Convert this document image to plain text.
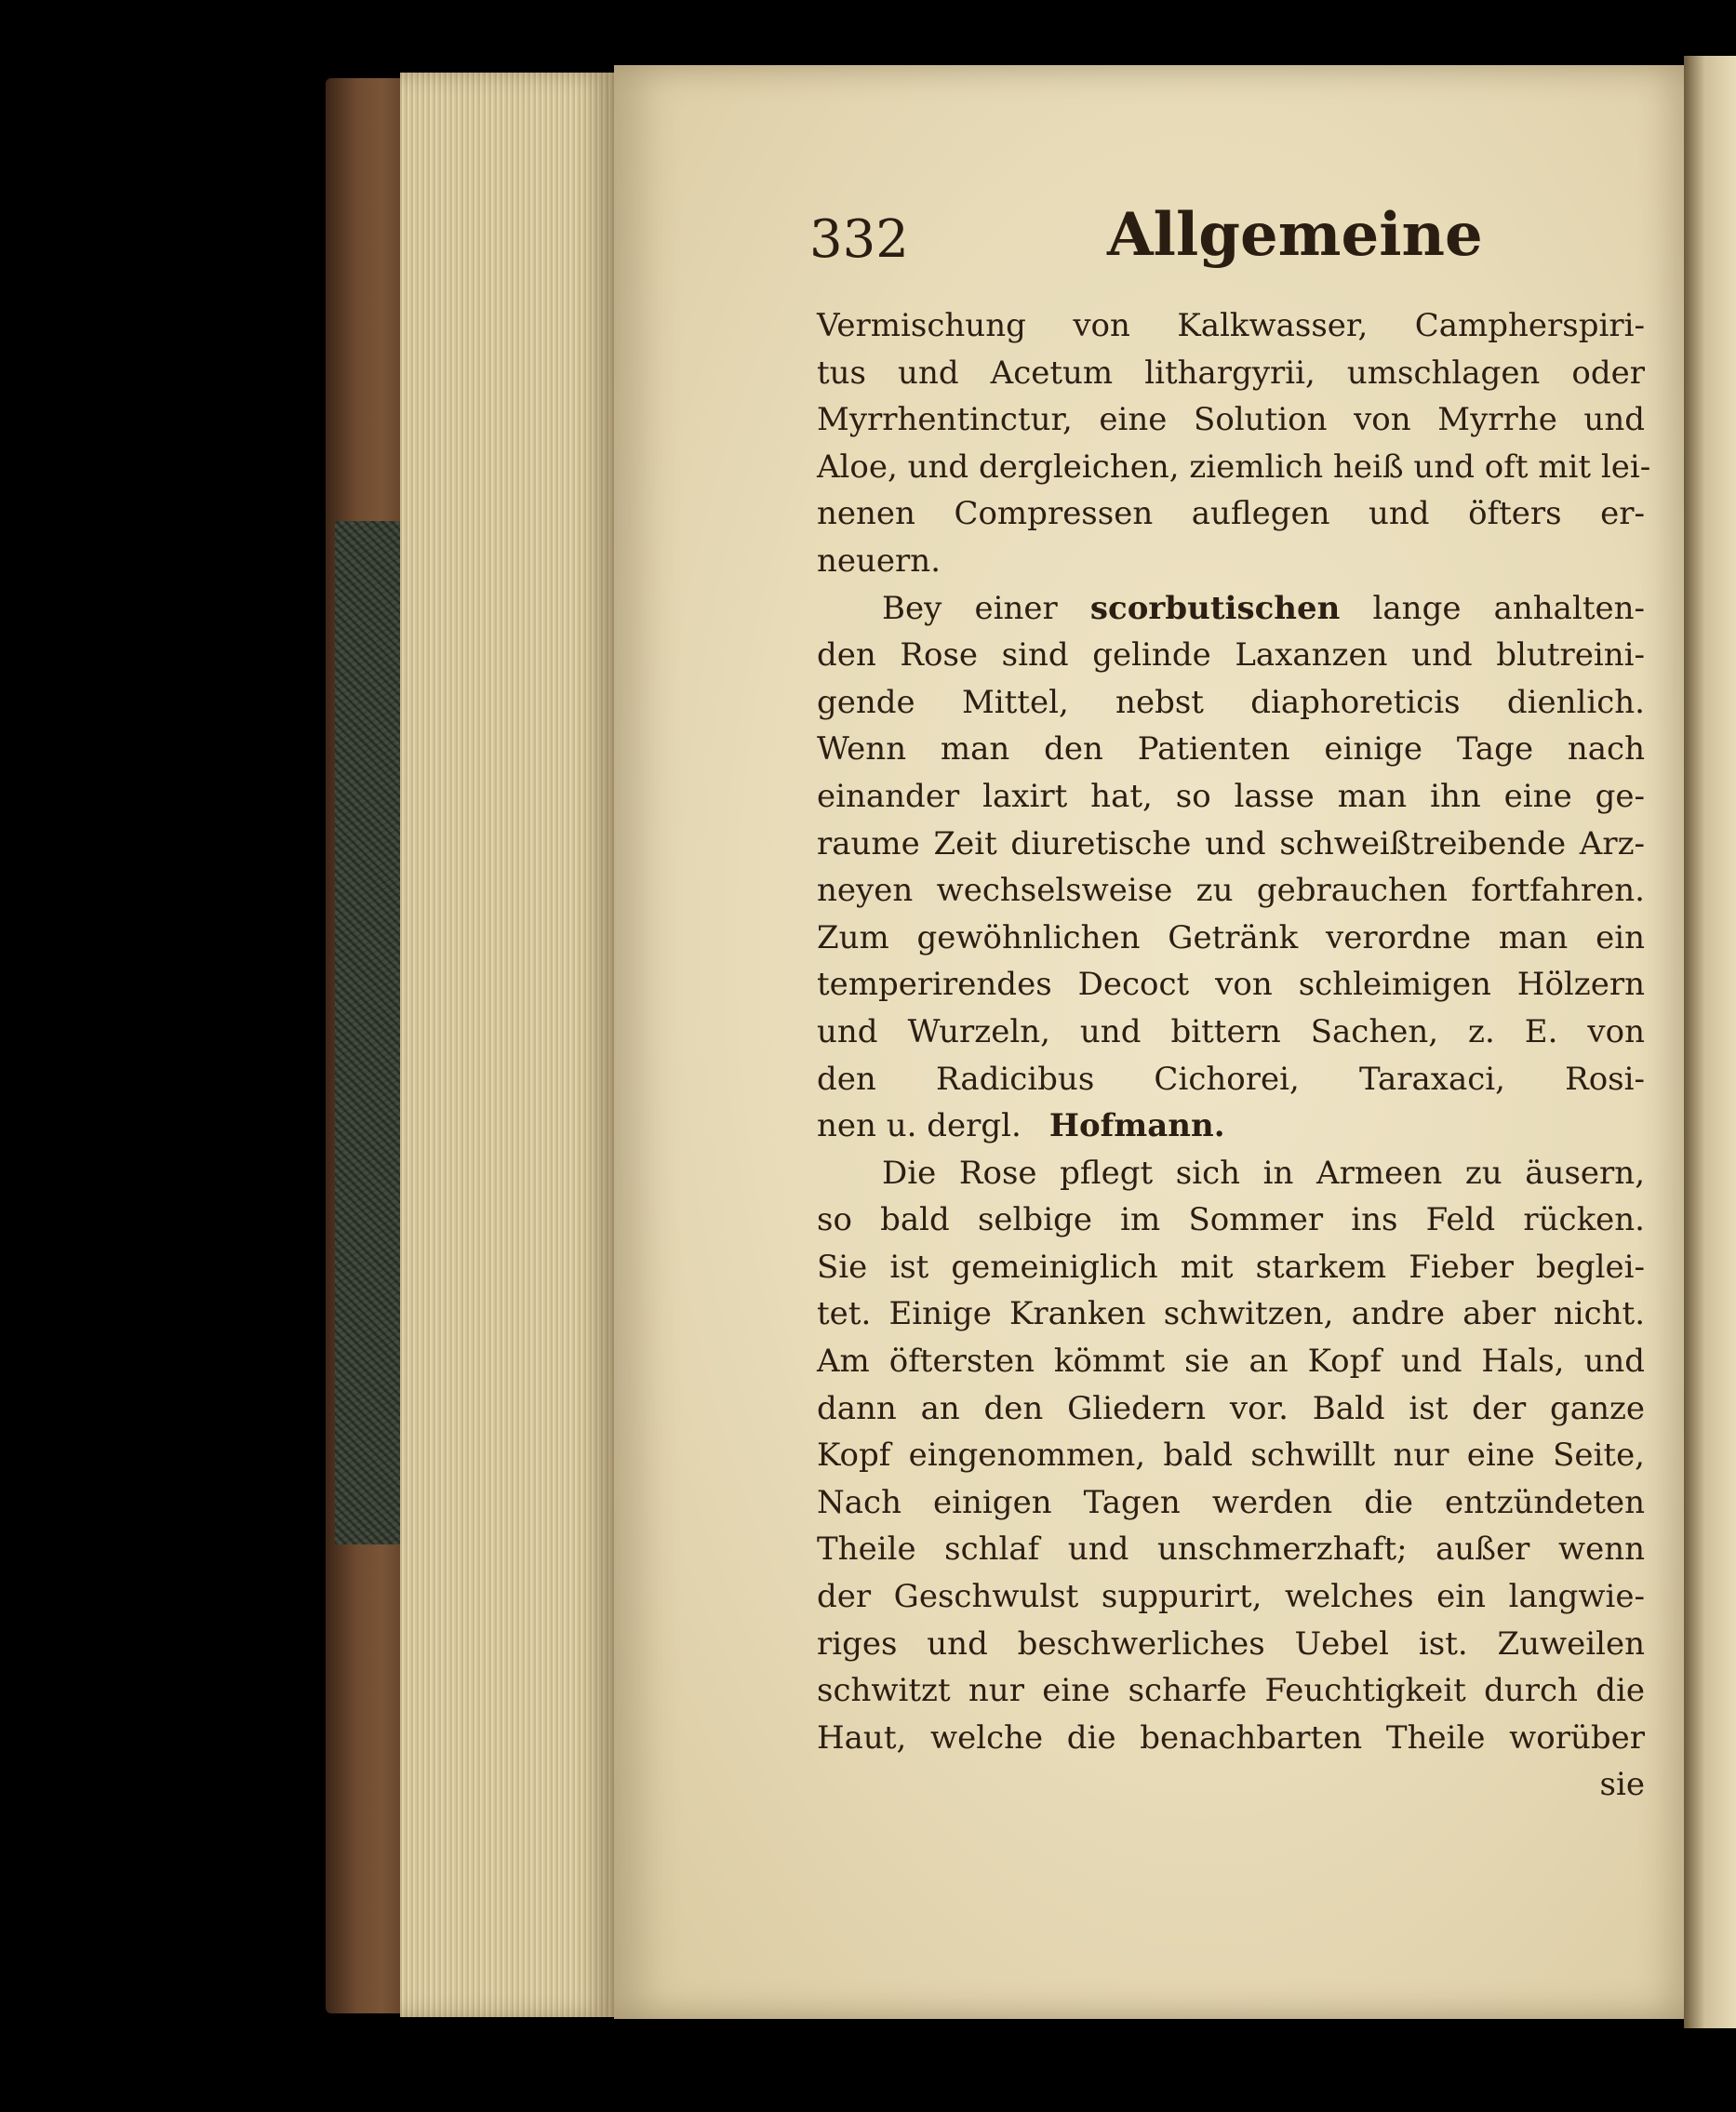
332	Allgemeine
Vermischung von Kalkwasser, Campherspiri-
tus und Acetum lithargyrii, umschlagen oder
Myrrhentinctur, eine Solution von Myrrhe und
Aloe, und dergleichen, ziemlich heiß und oft mit lei-
nenen Compressen auflegen und öfters er-
neuern.
Bey einer scorbutischen lange anhalten-
den Rose sind gelinde Laxanzen und blutreini-
gende Mittel, nebst diaphoreticis dienlich.
Wenn man den Patienten einige Tage nach
einander laxirt hat, so lasse man ihn eine ge-
raume Zeit diuretische und schweißtreibende Arz-
neyen wechselsweise zu gebrauchen fortfahren.
Zum gewöhnlichen Getränk verordne man ein
temperirendes Decoct von schleimigen Hölzern
und Wurzeln, und bittern Sachen, z. E. von
den Radicibus Cichorei, Taraxaci, Rosi-
nen u. dergl. Hofmann.
Die Rose pflegt sich in Armeen zu äusern,
so bald selbige im Sommer ins Feld rücken.
Sie ist gemeiniglich mit starkem Fieber beglei-
tet. Einige Kranken schwitzen, andre aber nicht.
Am öftersten kömmt sie an Kopf und Hals, und
dann an den Gliedern vor. Bald ist der ganze
Kopf eingenommen, bald schwillt nur eine Seite,
Nach einigen Tagen werden die entzündeten
Theile schlaf und unschmerzhaft; außer wenn
der Geschwulst suppurirt, welches ein langwie-
riges und beschwerliches Uebel ist. Zuweilen
schwitzt nur eine scharfe Feuchtigkeit durch die
Haut, welche die benachbarten Theile worüber
sie
